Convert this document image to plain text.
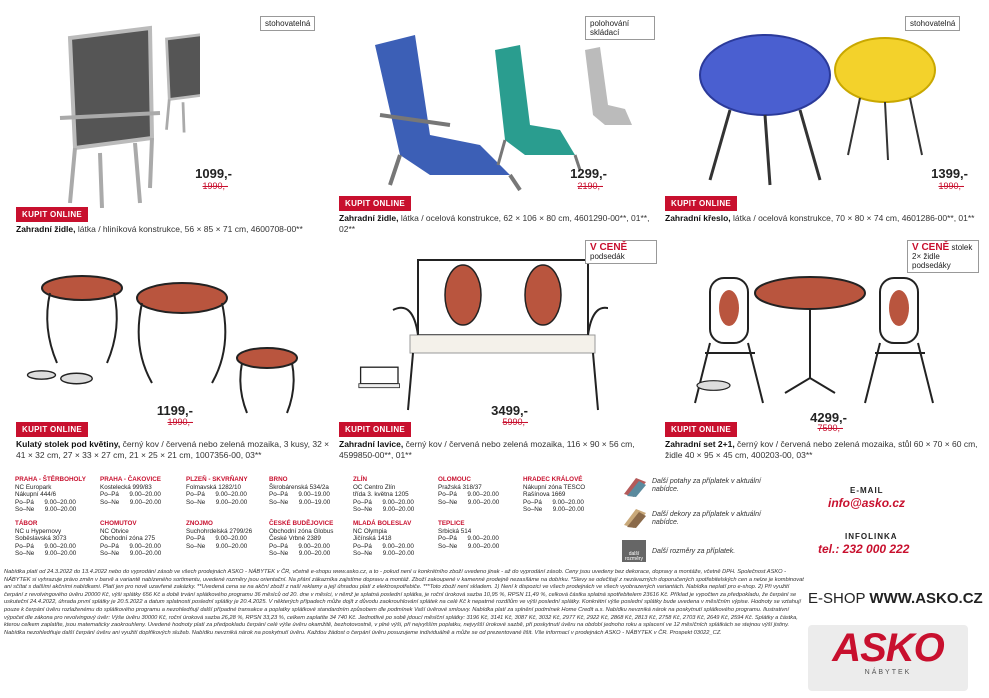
stohovatelná
1099,-
1990,-
KUPIT ONLINE
Zahradní židle, látka / hliníková konstrukce, 56 × 85 × 71 cm, 4600708-00**
polohování skládací
1299,-
2190,-
KUPIT ONLINE
Zahradní židle, látka / ocelová konstrukce, 62 × 106 × 80 cm, 4601290-00**, 01**, 02**
stohovatelná
1399,-
1990,-
KUPIT ONLINE
Zahradní křeslo, látka / ocelová konstrukce, 70 × 80 × 74 cm, 4601286-00**, 01**
1199,-
1990,-
KUPIT ONLINE
Kulatý stolek pod květiny, černý kov / červená nebo zelená mozaika, 3 kusy, 32 × 41 × 32 cm, 27 × 33 × 27 cm, 21 × 25 × 21 cm, 1007356-00, 03**
V CENĚ
podsedák
3499,-
5990,-
KUPIT ONLINE
Zahradní lavice, černý kov / červená nebo zelená mozaika, 116 × 90 × 56 cm, 4599850-00**, 01**
V CENĚ stolek
2× židle podsedáky
4299,-
7590,-
KUPIT ONLINE
Zahradní set 2+1, černý kov / červená nebo zelená mozaika, stůl 60 × 70 × 60 cm, židle 40 × 95 × 45 cm, 400203-00, 03**
PRAHA - ŠTĚRBOHOLY
NC Europark
Nákupní 444/6
Po–Pá      9.00–20.00
So–Ne      9.00–20.00
TÁBOR
NC u Hypernovy
Soběslavská 3073
Po–Pá      9.00–20.00
So–Ne      9.00–20.00
PRAHA - ČAKOVICE
Kostelecká 999/83
Po–Pá      9.00–20.00
So–Ne      9.00–20.00
CHOMUTOV
NC Otvice
Obchodní zóna 275
Po–Pá      9.00–20.00
So–Ne      9.00–20.00
PLZEŇ - SKVRŇANY
Folmavská 1282/10
Po–Pá      9.00–20.00
So–Ne      9.00–20.00
ZNOJMO
Suchohrdelská 2799/26
Po–Pá      9.00–20.00
So–Ne      9.00–20.00
BRNO
Škrobárenská 534/2a
Po–Pá      9.00–19.00
So–Ne      9.00–19.00
ČESKÉ BUDĚJOVICE
Obchodní zóna Globus
České Vrbné 2389
Po–Pá      9.00–20.00
So–Ne      9.00–20.00
ZLÍN
OC Centro Zlín
třída 3. května 1205
Po–Pá      9.00–20.00
So–Ne      9.00–20.00
MLADÁ BOLESLAV
NC Olympia
Jičínská 1418
Po–Pá      9.00–20.00
So–Ne      9.00–20.00
OLOMOUC
Pražská 318/37
Po–Pá      9.00–20.00
So–Ne      9.00–20.00
TEPLICE
Srbická 514
Po–Pá      9.00–20.00
So–Ne      9.00–20.00
HRADEC KRÁLOVÉ
Nákupní zóna TESCO
Rašínova 1669
Po–Pá      9.00–20.00
So–Ne      9.00–20.00
Další potahy za příplatek v aktuální nabídce.
Další dekory za příplatek v aktuální nabídce.
další rozměry
Další rozměry za příplatek.
E-MAIL
info@asko.cz
INFOLINKA
tel.: 232 000 222
Nabídka platí od 24.3.2022 do 13.4.2022 nebo do vyprodání zásob ve všech prodejnách ASKO - NÁBYTEK v ČR, včetně e-shopu www.asko.cz, a to - pokud není u konkrétního zboží uvedeno jinak - až do vyprodání zásob. Ceny jsou uvedeny bez dekorace, dopravy a montáže, včetně DPH. Společnost ASKO - NÁBYTEK si vyhrazuje právo změn v barvě a variantě nabízeného sortimentu, uvedené rozměry jsou orientační. Na přání zákazníka zajistíme dopravu a montáž. Zboží zakoupené v kamenné prodejně nezasíláme na dobírku. *Slevy se odečítají z nezávazných doporučených spotřebitelských cen a nelze je kombinovat ani sčítat s dalšími akčními nabídkami. Platí jen pro nově uzavřené zakázky. **Uvedená cena se na akční zboží z naší reklamy a její úhradou platí z elektrospotřebiče. ***Toto zboží není skladem. 1) Není k dispozici ve všech prodejnách ve všech vyobrazených variantách. Nabídka neplatí pro e-shop. 2) Při využití čerpání z revolvingového úvěru 20000 Kč, výši splátky 656 Kč a době trvání splátkového programu 36 měsíců od 20. dne v měsíci, v němž je splatná poslední splátka, je roční úroková sazba 10,95 %, RPSN 11,49 %, celková částka splatná spotřebitelem 23616 Kč. Příklad je vypočten za předpokladu, že čerpání se uskuteční 24.4.2022, úhrada první splátky je 20.5.2022 a datum splatnosti poslední splátky je 20.4.2025. V některých případech může dojít z důvodu zaokrouhlování splátek na celé Kč k nepatrné rozdílům ve výši poslední splátky. Konkrétní výše poslední splátky bude uvedena v měsíčním výpise. Hodnoty se vztahují pouze k čerpání úvěru rozlaženému do splátkového programu a nezohledňují další případné transakce a poplatky splátkové standardním způsobem dle podmínek Vaší úvěrové smlouvy. Nabídka platí za splnění podmínek Home Credit a.s. Nabídku nevzniká nárok na poskytnutí splátkového programu. Ilustrativní výpočet dle zákona pro revolvingový úvěr: Výše úvěru 30000 Kč, roční úroková sazba 26,28 %, RPSN 33,23 %, celkem zaplatíte 34 740 Kč. Jednotlivé po sobě jdoucí měsíční splátky: 3196 Kč, 3141 Kč, 3087 Kč, 3032 Kč, 2977 Kč, 2922 Kč, 2868 Kč, 2813 Kč, 2758 Kč, 2703 Kč, 2649 Kč, 2594 Kč. Splátky a částka, kterou celkem zaplatíte, jsou matematicky zaokrouhleny. Uvedené hodnoty platí za předpokladu čerpání celé výše úvěru okamžitě, bezhotovostně, v plné výši, při nejvyšším poplatku, nejvyšší úrokové sazbě, při poskytnutí úvěru na období jednoho roku a splacení ve 12 měsíčních splátkách se stejnou výší jistiny. Nabídka nezohledňuje další čerpání úvěru ani využití doplňkových služeb. Nabídku nevzniká nárok na poskytnutí úvěru. Každou žádost o čerpání úvěru posuzujeme individuálně a může se od prezentované lišit. Vše informací v prodejnách ASKO - NÁBYTEK v ČR. Prospekt 03022_CZ.
E-SHOP WWW.ASKO.CZ
ASKO
NÁBYTEK
